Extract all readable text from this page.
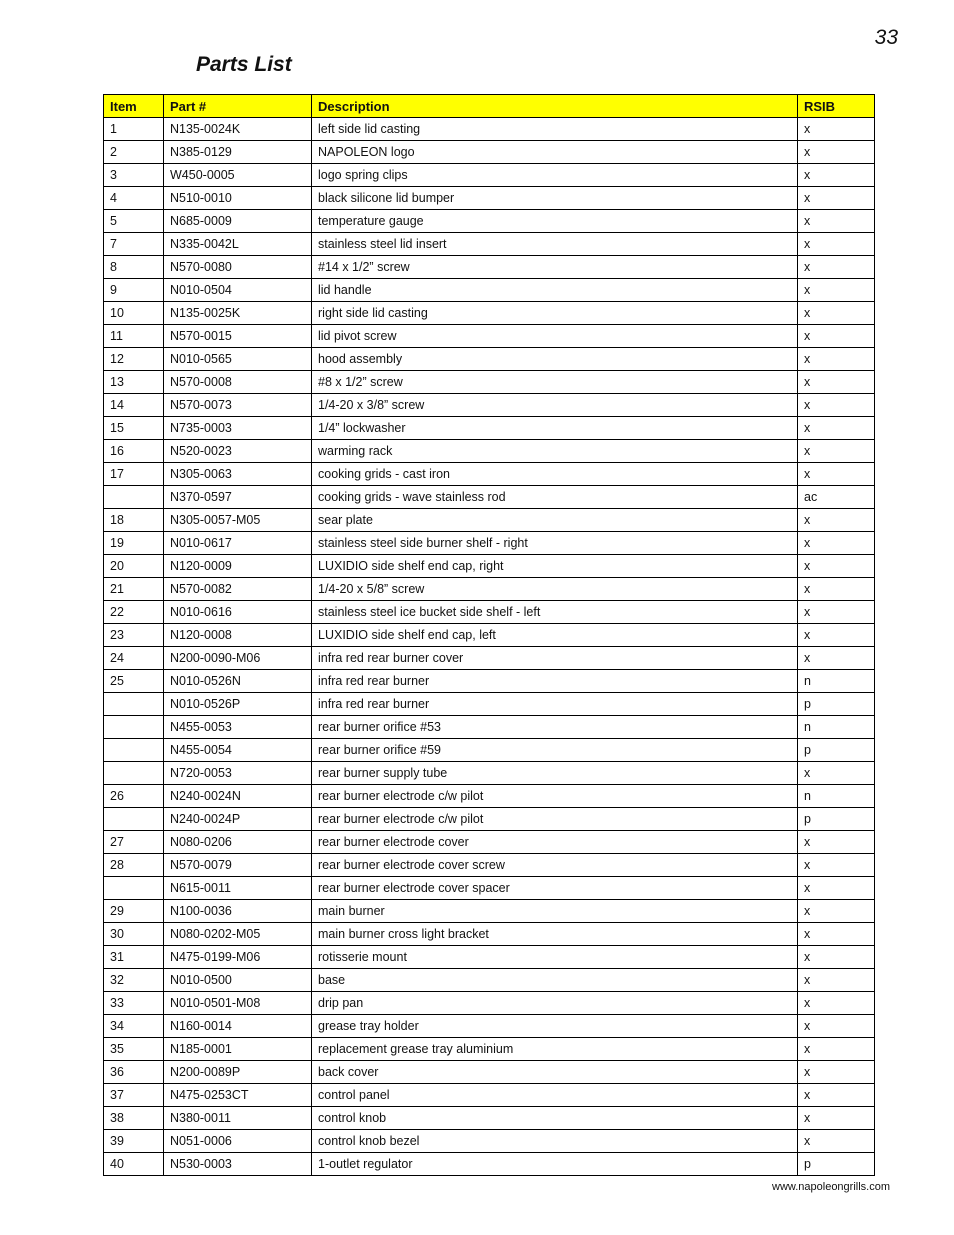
33
Parts List
Item	Part #	Description	RSIB
1	N135-0024K	left side lid casting	x
2	N385-0129	NAPOLEON logo	x
3	W450-0005	logo spring clips	x
4	N510-0010	black silicone lid bumper	x
5	N685-0009	temperature gauge	x
7	N335-0042L	stainless steel lid insert	x
8	N570-0080	#14 x 1/2” screw	x
9	N010-0504	lid handle	x
10	N135-0025K	right side lid casting	x
11	N570-0015	lid pivot screw	x
12	N010-0565	hood assembly	x
13	N570-0008	#8 x 1/2” screw	x
14	N570-0073	1/4-20 x 3/8” screw	x
15	N735-0003	1/4” lockwasher	x
16	N520-0023	warming rack	x
17	N305-0063	cooking grids - cast iron	x
	N370-0597	cooking grids - wave stainless rod	ac
18	N305-0057-M05	sear plate	x
19	N010-0617	stainless steel side burner shelf - right	x
20	N120-0009	LUXIDIO side shelf end cap, right	x
21	N570-0082	1/4-20 x 5/8” screw	x
22	N010-0616	stainless steel ice bucket side shelf - left	x
23	N120-0008	LUXIDIO side shelf end cap, left	x
24	N200-0090-M06	infra red rear burner cover	x
25	N010-0526N	infra red rear burner	n
	N010-0526P	infra red rear burner	p
	N455-0053	rear burner orifice #53	n
	N455-0054	rear burner orifice #59	p
	N720-0053	rear burner supply tube	x
26	N240-0024N	rear burner electrode c/w pilot	n
	N240-0024P	rear burner electrode c/w pilot	p
27	N080-0206	rear burner electrode cover	x
28	N570-0079	rear burner electrode cover screw	x
	N615-0011	rear burner electrode cover spacer	x
29	N100-0036	main burner	x
30	N080-0202-M05	main burner cross light bracket	x
31	N475-0199-M06	rotisserie mount	x
32	N010-0500	base	x
33	N010-0501-M08	drip pan	x
34	N160-0014	grease tray holder	x
35	N185-0001	replacement grease tray aluminium	x
36	N200-0089P	back cover	x
37	N475-0253CT	control panel	x
38	N380-0011	control knob	x
39	N051-0006	control knob bezel	x
40	N530-0003	1-outlet regulator	p
www.napoleongrills.com
